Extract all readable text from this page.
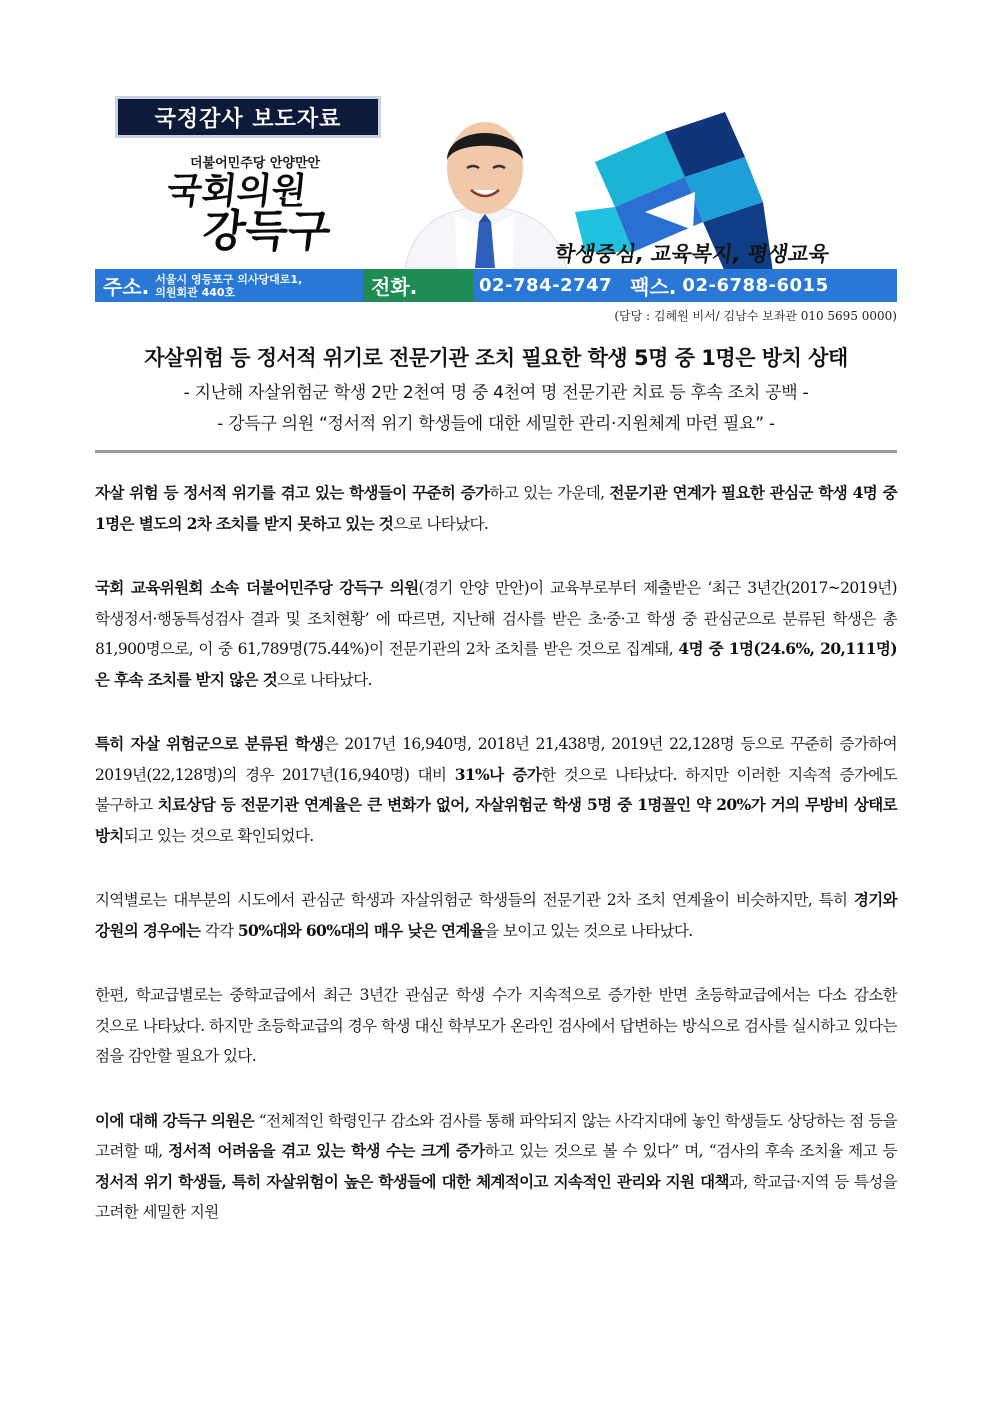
국정감사 보도자료
더불어민주당 안양만안
국회의원
강득구	학생중심, 교육복지, 평생교육
주소. 서울시 영등포구 의사당대로1,
의원회관 440호	전화.	02-784-2747 팩스. 02-6788-6015
(담당 : 김혜원 비서/ 김남수 보좌관 010 5695 0000)
자살위험 등 정서적 위기로 전문기관 조치 필요한 학생 5명 중 1명은 방치 상태
- 지난해 자살위험군 학생 2만 2천여 명 중 4천여 명 전문기관 치료 등 후속 조치 공백 -
- 강득구 의원 “정서적 위기 학생들에 대한 세밀한 관리·지원체계 마련 필요” -

자살 위험 등 정서적 위기를 겪고 있는 학생들이 꾸준히 증가하고 있는 가운데, 전문기관 연계가 필요한 관심군 학생 4명 중 1명은 별도의 2차 조치를 받지 못하고 있는 것으로 나타났다.

국회 교육위원회 소속 더불어민주당 강득구 의원(경기 안양 만안)이 교육부로부터 제출받은 ‘최근 3년간(2017~2019년) 학생정서·행동특성검사 결과 및 조치현황’ 에 따르면, 지난해 검사를 받은 초·중·고 학생 중 관심군으로 분류된 학생은 총 81,900명으로, 이 중 61,789명(75.44%)이 전문기관의 2차 조치를 받은 것으로 집계돼, 4명 중 1명(24.6%, 20,111명)은 후속 조치를 받지 않은 것으로 나타났다.

특히 자살 위험군으로 분류된 학생은 2017년 16,940명, 2018년 21,438명, 2019년 22,128명 등으로 꾸준히 증가하여 2019년(22,128명)의 경우 2017년(16,940명) 대비 31%나 증가한 것으로 나타났다. 하지만 이러한 지속적 증가에도 불구하고 치료상담 등 전문기관 연계율은 큰 변화가 없어, 자살위험군 학생 5명 중 1명꼴인 약 20%가 거의 무방비 상태로 방치되고 있는 것으로 확인되었다.

지역별로는 대부분의 시도에서 관심군 학생과 자살위험군 학생들의 전문기관 2차 조치 연계율이 비슷하지만, 특히 경기와 강원의 경우에는 각각 50%대와 60%대의 매우 낮은 연계율을 보이고 있는 것으로 나타났다.

한편, 학교급별로는 중학교급에서 최근 3년간 관심군 학생 수가 지속적으로 증가한 반면 초등학교급에서는 다소 감소한 것으로 나타났다. 하지만 초등학교급의 경우 학생 대신 학부모가 온라인 검사에서 답변하는 방식으로 검사를 실시하고 있다는 점을 감안할 필요가 있다.

이에 대해 강득구 의원은 “전체적인 학령인구 감소와 검사를 통해 파악되지 않는 사각지대에 놓인 학생들도 상당하는 점 등을 고려할 때, 정서적 어려움을 겪고 있는 학생 수는 크게 증가하고 있는 것으로 볼 수 있다” 며, “검사의 후속 조치율 제고 등 정서적 위기 학생들, 특히 자살위험이 높은 학생들에 대한 체계적이고 지속적인 관리와 지원 대책과, 학교급·지역 등 특성을 고려한 세밀한 지원
